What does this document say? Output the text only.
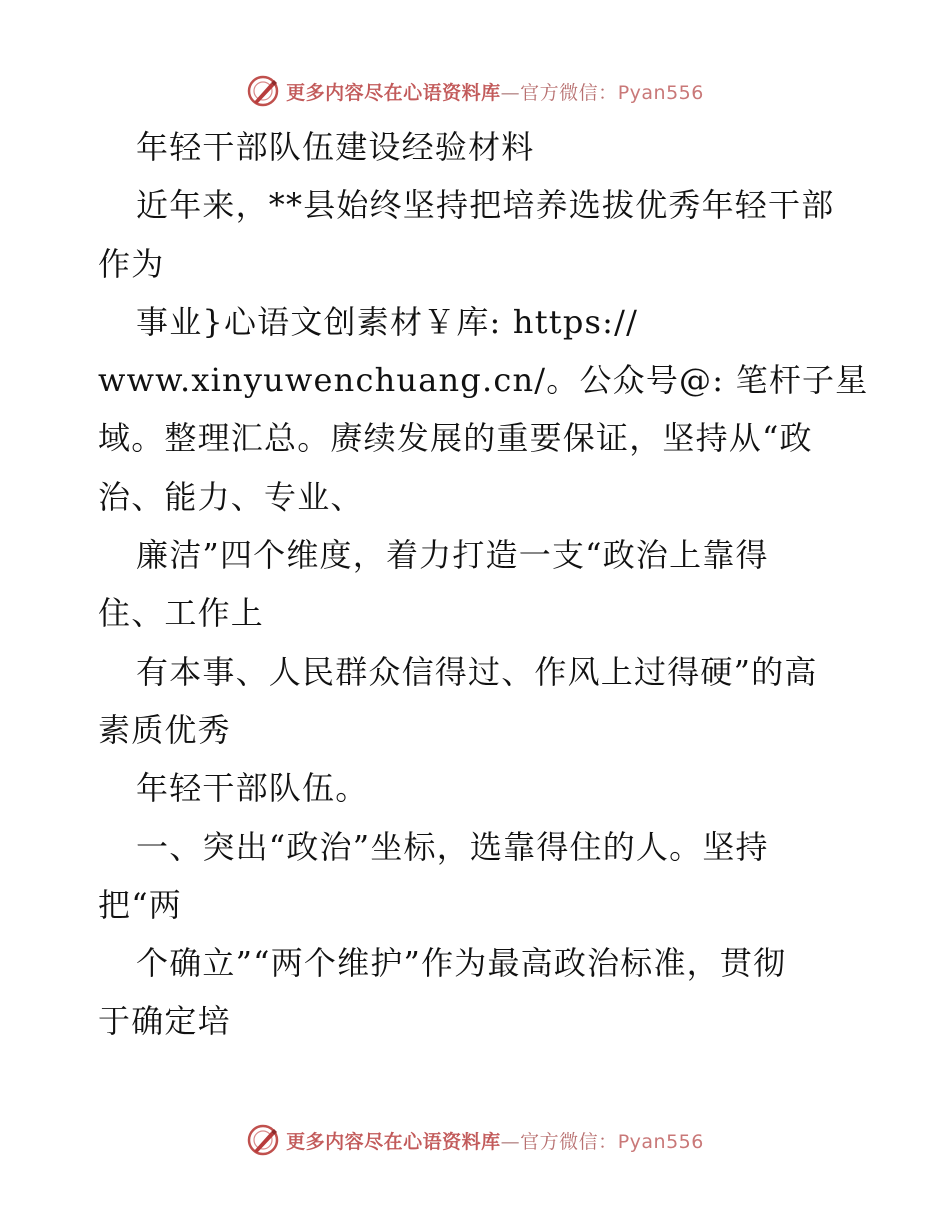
更多内容尽在心语资料库—官方微信：Pyan556
年轻干部队伍建设经验材料
近年来，**县始终坚持把培养选拔优秀年轻干部
作为
事业}心语文创素材￥库: https://
www.xinyuwenchuang.cn/。公众号@: 笔杆子星
域。整理汇总。赓续发展的重要保证，坚持从“政
治、能力、专业、
廉洁”四个维度，着力打造一支“政治上靠得
住、工作上
有本事、人民群众信得过、作风上过得硬”的高
素质优秀
年轻干部队伍。
一、突出“政治”坐标，选靠得住的人。坚持
把“两
个确立”“两个维护”作为最高政治标准，贯彻
于确定培
更多内容尽在心语资料库—官方微信：Pyan556
